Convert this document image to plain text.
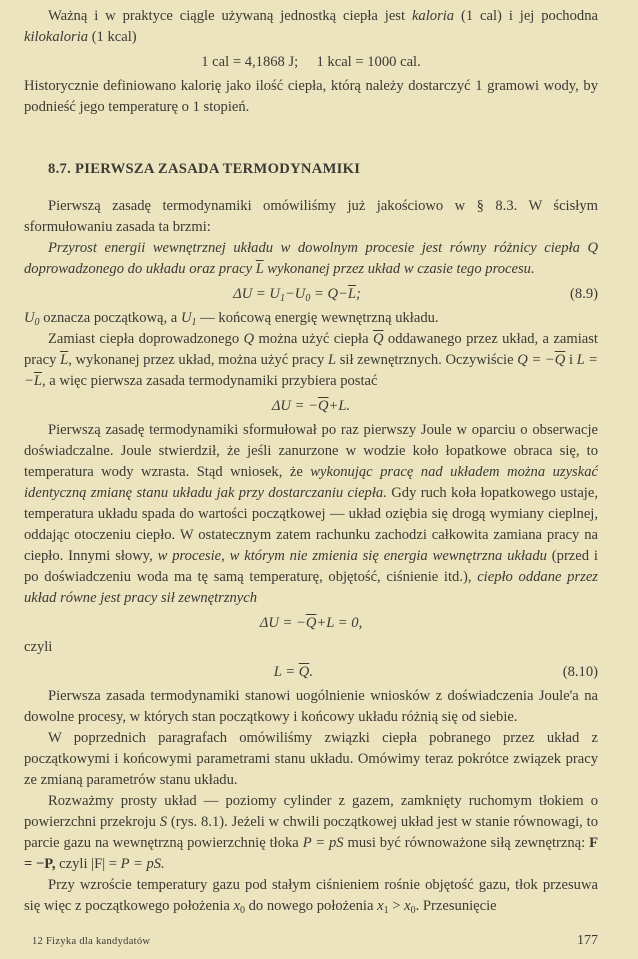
Ważną i w praktyce ciągle używaną jednostką ciepła jest kaloria (1 cal) i jej pochodna kilokaloria (1 kcal)

1 cal = 4,1868 J;     1 kcal = 1000 cal.

Historycznie definiowano kalorię jako ilość ciepła, którą należy dostarczyć 1 gramowi wody, by podnieść jego temperaturę o 1 stopień.

8.7. PIERWSZA ZASADA TERMODYNAMIKI

Pierwszą zasadę termodynamiki omówiliśmy już jakościowo w § 8.3. W ścisłym sformułowaniu zasada ta brzmi:

Przyrost energii wewnętrznej układu w dowolnym procesie jest równy różnicy ciepła Q doprowadzonego do układu oraz pracy $\overline{L}$ wykonanej przez układ w czasie tego procesu.

$\Delta U = U_1-U_0 = Q-\overline{L}$;	(8.9)

$U_0$ oznacza początkową, a $U_1$ — końcową energię wewnętrzną układu.

Zamiast ciepła doprowadzonego Q można użyć ciepła $\overline{Q}$ oddawanego przez układ, a zamiast pracy $\overline{L}$, wykonanej przez układ, można użyć pracy L sił zewnętrznych. Oczywiście $Q = -\overline{Q}$ i $L = -\overline{L}$, a więc pierwsza zasada termodynamiki przybiera postać

$\Delta U = -\overline{Q}+L$.

Pierwszą zasadę termodynamiki sformułował po raz pierwszy Joule w oparciu o obserwacje doświadczalne. Joule stwierdził, że jeśli zanurzone w wodzie koło łopatkowe obraca się, to temperatura wody wzrasta. Stąd wniosek, że wykonując pracę nad układem można uzyskać identyczną zmianę stanu układu jak przy dostarczaniu ciepła. Gdy ruch koła łopatkowego ustaje, temperatura układu spada do wartości początkowej — układ oziębia się drogą wymiany cieplnej, oddając otoczeniu ciepło. W ostatecznym zatem rachunku zachodzi całkowita zamiana pracy na ciepło. Innymi słowy, w procesie, w którym nie zmienia się energia wewnętrzna układu (przed i po doświadczeniu woda ma tę samą temperaturę, objętość, ciśnienie itd.), ciepło oddane przez układ równe jest pracy sił zewnętrznych

$\Delta U = -\overline{Q}+L = 0$,

czyli

$L = \overline{Q}$.	(8.10)

Pierwsza zasada termodynamiki stanowi uogólnienie wniosków z doświadczenia Joule'a na dowolne procesy, w których stan początkowy i końcowy układu różnią się od siebie.

W poprzednich paragrafach omówiliśmy związki ciepła pobranego przez układ z początkowymi i końcowymi parametrami stanu układu. Omówimy teraz pokrótce związek pracy ze zmianą parametrów stanu układu.

Rozważmy prosty układ — poziomy cylinder z gazem, zamknięty ruchomym tłokiem o powierzchni przekroju S (rys. 8.1). Jeżeli w chwili początkowej układ jest w stanie równowagi, to parcie gazu na wewnętrzną powierzchnię tłoka P = pS musi być równoważone siłą zewnętrzną: F = −P, czyli |F| = P = pS.

Przy wzroście temperatury gazu pod stałym ciśnieniem rośnie objętość gazu, tłok przesuwa się więc z początkowego położenia $x_0$ do nowego położenia $x_1 > x_0$. Przesunięcie

12 Fizyka dla kandydatów	177
